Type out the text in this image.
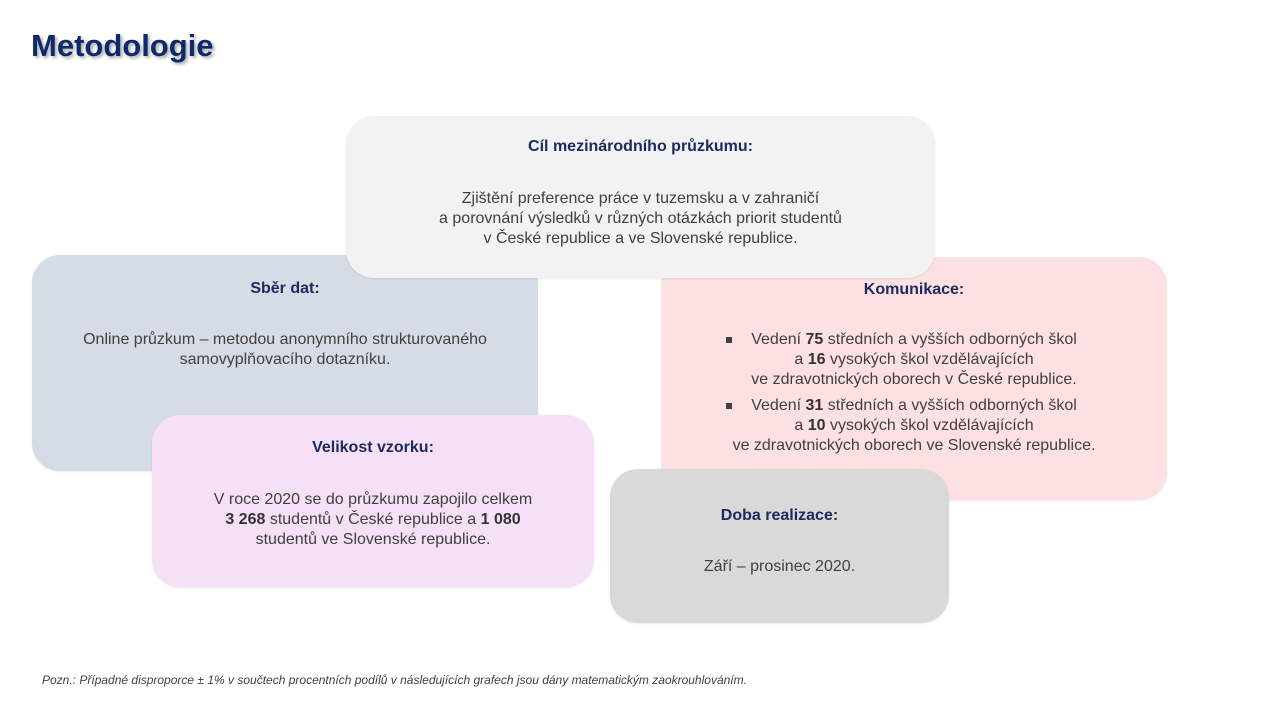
Metodologie
Cíl mezinárodního průzkumu:
Zjištění preference práce v tuzemsku a v zahraničí
a porovnání výsledků v různých otázkách priorit studentů
v České republice a ve Slovenské republice.
Sběr dat:
Online průzkum – metodou anonymního strukturovaného
samovyplňovacího dotazníku.
Komunikace:
Vedení 75 středních a vyšších odborných škol
a 16 vysokých škol vzdělávajících
ve zdravotnických oborech v České republice.
Vedení 31 středních a vyšších odborných škol
a 10 vysokých škol vzdělávajících
ve zdravotnických oborech ve Slovenské republice.
Velikost vzorku:
V roce 2020 se do průzkumu zapojilo celkem
3 268 studentů v České republice a 1 080
studentů ve Slovenské republice.
Doba realizace:
Září – prosinec 2020.
Pozn.: Případné disproporce ± 1% v součtech procentních podílů v následujících grafech jsou dány matematickým zaokrouhlováním.
